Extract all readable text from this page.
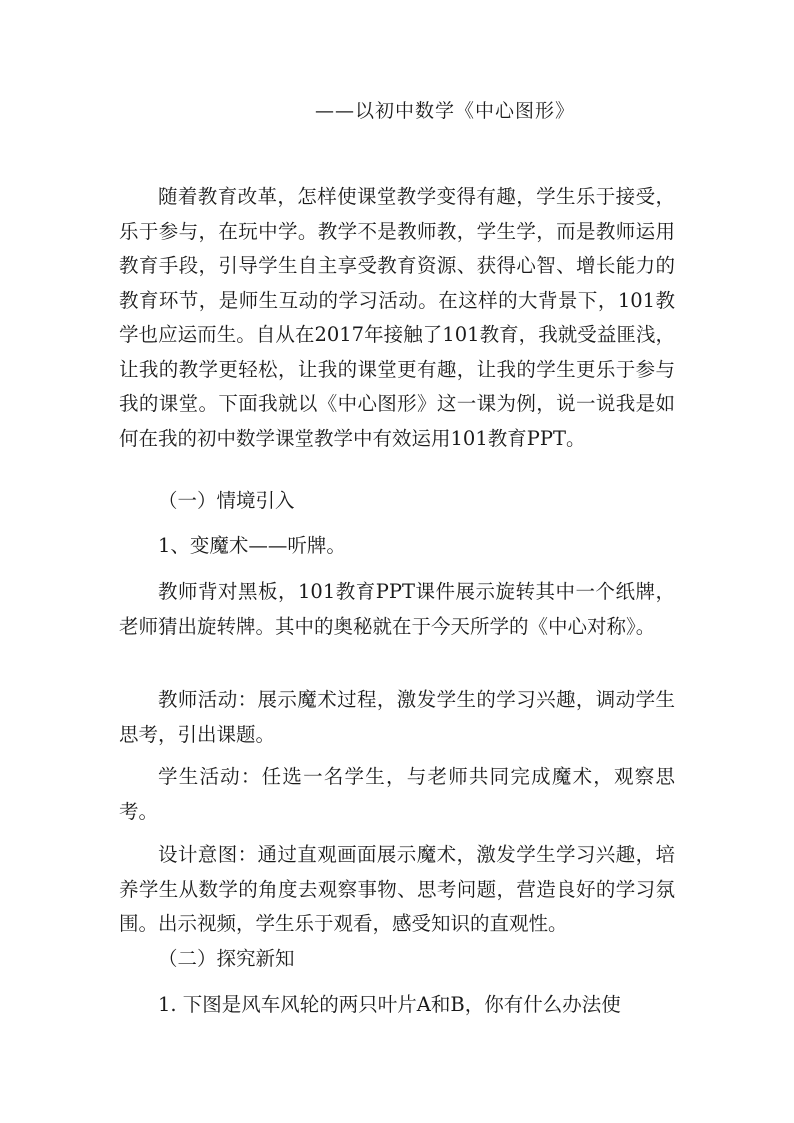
——以初中数学《中心图形》

随着教育改革，怎样使课堂教学变得有趣，学生乐于接受，乐于参与，在玩中学。教学不是教师教，学生学，而是教师运用教育手段，引导学生自主享受教育资源、获得心智、增长能力的教育环节，是师生互动的学习活动。在这样的大背景下，101教学也应运而生。自从在2017年接触了101教育，我就受益匪浅，让我的教学更轻松，让我的课堂更有趣，让我的学生更乐于参与我的课堂。下面我就以《中心图形》这一课为例，说一说我是如何在我的初中数学课堂教学中有效运用101教育PPT。

（一）情境引入

1、变魔术——听牌。

教师背对黑板，101教育PPT课件展示旋转其中一个纸牌，老师猜出旋转牌。其中的奥秘就在于今天所学的《中心对称》。

教师活动：展示魔术过程，激发学生的学习兴趣，调动学生思考，引出课题。

学生活动：任选一名学生，与老师共同完成魔术，观察思考。

设计意图：通过直观画面展示魔术，激发学生学习兴趣，培养学生从数学的角度去观察事物、思考问题，营造良好的学习氛围。出示视频，学生乐于观看，感受知识的直观性。

（二）探究新知

1. 下图是风车风轮的两只叶片A和B，你有什么办法使
